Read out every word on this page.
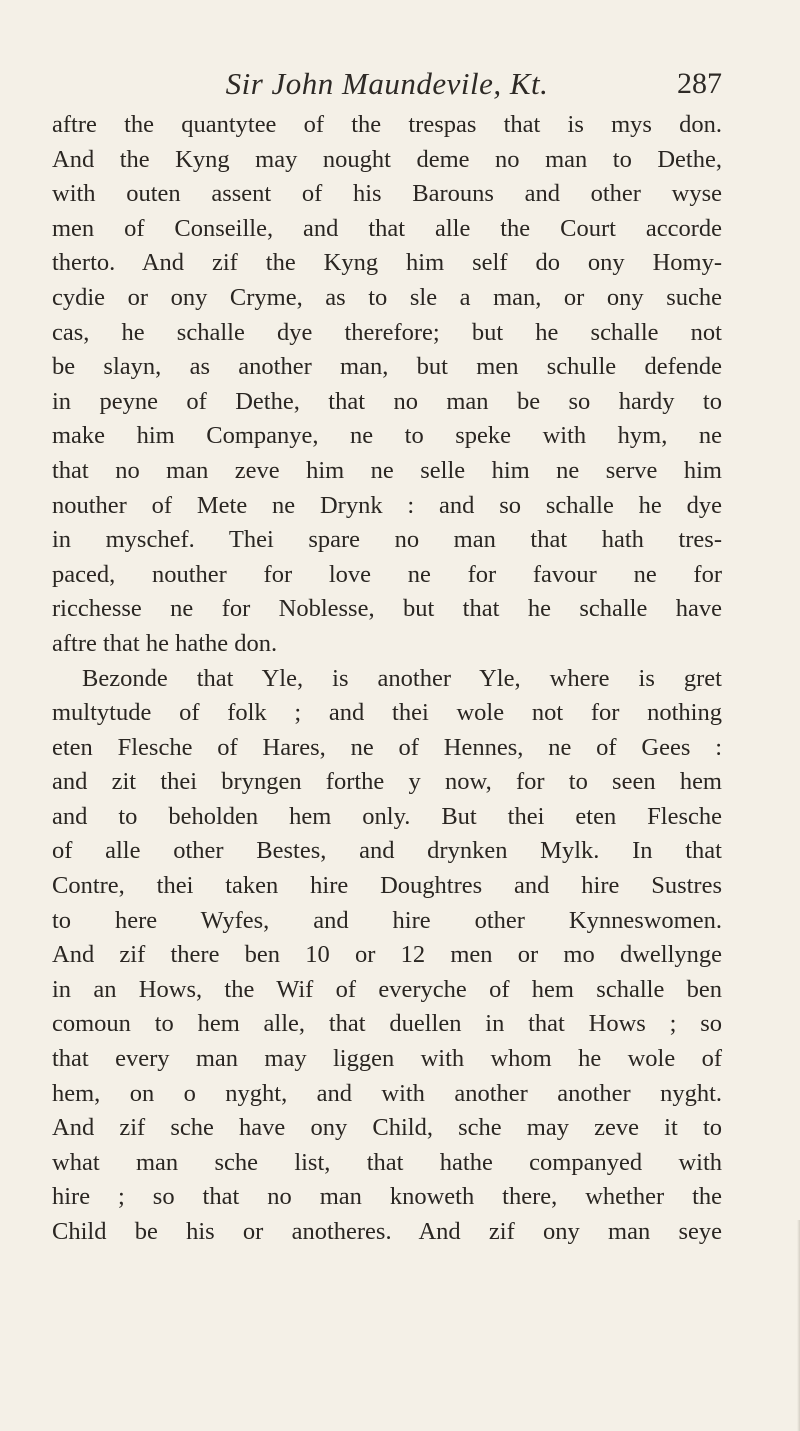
Sir John Maundevile, Kt.	287
aftre the quantytee of the trespas that is mys don.
And the Kyng may nought deme no man to Dethe,
with outen assent of his Barouns and other wyse
men of Conseille, and that alle the Court accorde
therto. And zif the Kyng him self do ony Homy-
cydie or ony Cryme, as to sle a man, or ony suche
cas, he schalle dye therefore; but he schalle not
be slayn, as another man, but men schulle defende
in peyne of Dethe, that no man be so hardy to
make him Companye, ne to speke with hym, ne
that no man zeve him ne selle him ne serve him
nouther of Mete ne Drynk : and so schalle he dye
in myschef. Thei spare no man that hath tres-
paced, nouther for love ne for favour ne for
ricchesse ne for Noblesse, but that he schalle have
aftre that he hathe don.
Bezonde that Yle, is another Yle, where is gret
multytude of folk ; and thei wole not for nothing
eten Flesche of Hares, ne of Hennes, ne of Gees :
and zit thei bryngen forthe y now, for to seen hem
and to beholden hem only. But thei eten Flesche
of alle other Bestes, and drynken Mylk. In that
Contre, thei taken hire Doughtres and hire Sustres
to here Wyfes, and hire other Kynneswomen.
And zif there ben 10 or 12 men or mo dwellynge
in an Hows, the Wif of everyche of hem schalle ben
comoun to hem alle, that duellen in that Hows ; so
that every man may liggen with whom he wole of
hem, on o nyght, and with another another nyght.
And zif sche have ony Child, sche may zeve it to
what man sche list, that hathe companyed with
hire ; so that no man knoweth there, whether the
Child be his or anotheres. And zif ony man seye
